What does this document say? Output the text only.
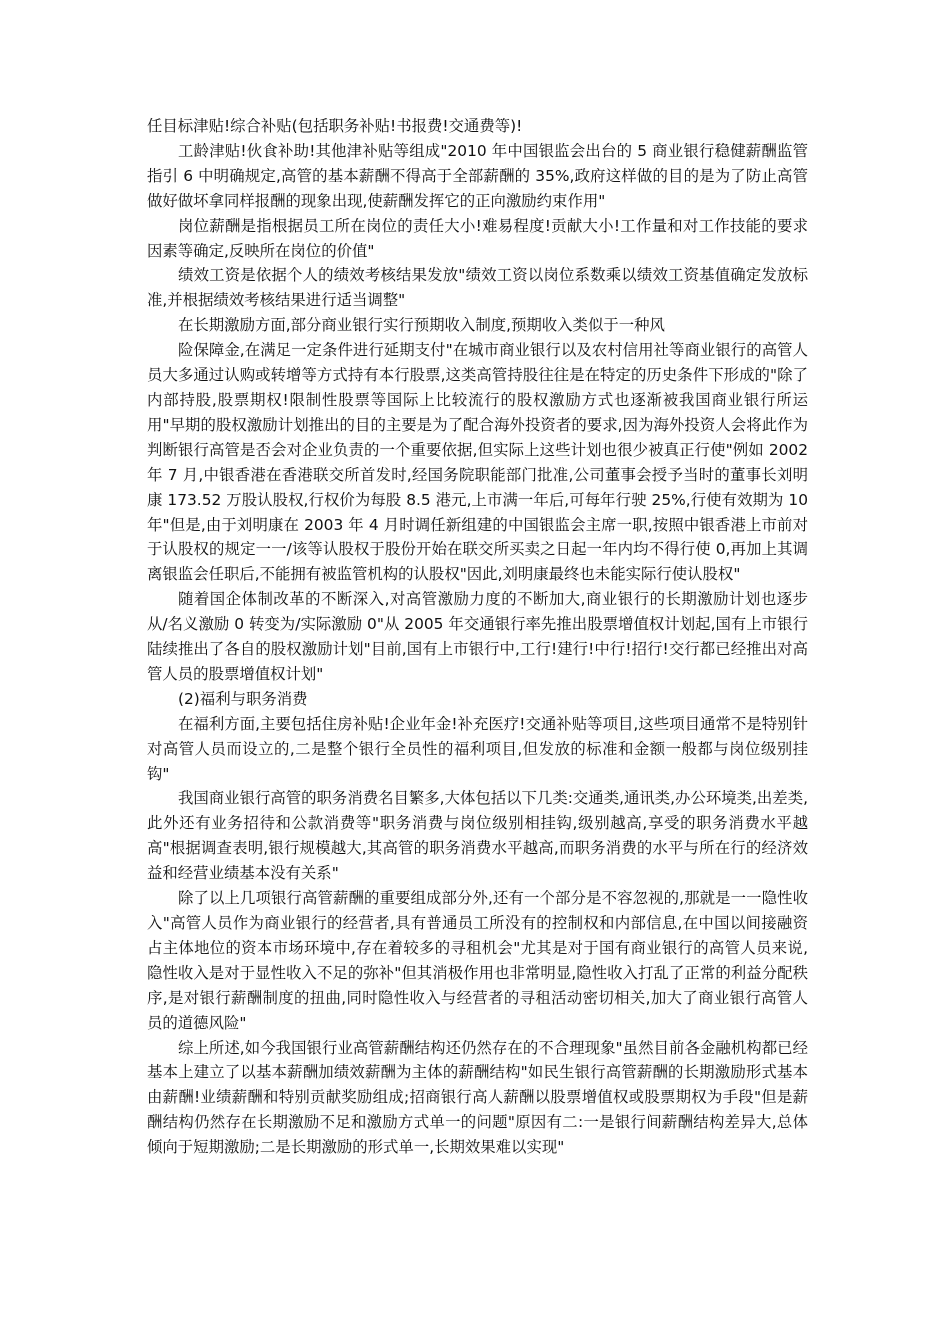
任目标津贴!综合补贴(包括职务补贴!书报费!交通费等)!

工龄津贴!伙食补助!其他津补贴等组成"2010 年中国银监会出台的 5 商业银行稳健薪酬监管指引 6 中明确规定,高管的基本薪酬不得高于全部薪酬的 35%,政府这样做的目的是为了防止高管做好做坏拿同样报酬的现象出现,使薪酬发挥它的正向激励约束作用"

岗位薪酬是指根据员工所在岗位的责任大小!难易程度!贡献大小!工作量和对工作技能的要求因素等确定,反映所在岗位的价值"

绩效工资是依据个人的绩效考核结果发放"绩效工资以岗位系数乘以绩效工资基值确定发放标准,并根据绩效考核结果进行适当调整"

在长期激励方面,部分商业银行实行预期收入制度,预期收入类似于一种风

险保障金,在满足一定条件进行延期支付"在城市商业银行以及农村信用社等商业银行的高管人员大多通过认购或转增等方式持有本行股票,这类高管持股往往是在特定的历史条件下形成的"除了内部持股,股票期权!限制性股票等国际上比较流行的股权激励方式也逐渐被我国商业银行所运用"早期的股权激励计划推出的目的主要是为了配合海外投资者的要求,因为海外投资人会将此作为判断银行高管是否会对企业负责的一个重要依据,但实际上这些计划也很少被真正行使"例如 2002 年 7 月,中银香港在香港联交所首发时,经国务院职能部门批准,公司董事会授予当时的董事长刘明康 173.52 万股认股权,行权价为每股 8.5 港元,上市满一年后,可每年行驶 25%,行使有效期为 10 年"但是,由于刘明康在 2003 年 4 月时调任新组建的中国银监会主席一职,按照中银香港上市前对于认股权的规定一一/该等认股权于股份开始在联交所买卖之日起一年内均不得行使 0,再加上其调离银监会任职后,不能拥有被监管机构的认股权"因此,刘明康最终也未能实际行使认股权"

随着国企体制改革的不断深入,对高管激励力度的不断加大,商业银行的长期激励计划也逐步从/名义激励 0 转变为/实际激励 0"从 2005 年交通银行率先推出股票增值权计划起,国有上市银行陆续推出了各自的股权激励计划"目前,国有上市银行中,工行!建行!中行!招行!交行都已经推出对高管人员的股票增值权计划"

(2)福利与职务消费

在福利方面,主要包括住房补贴!企业年金!补充医疗!交通补贴等项目,这些项目通常不是特别针对高管人员而设立的,二是整个银行全员性的福利项目,但发放的标准和金额一般都与岗位级别挂钩"

我国商业银行高管的职务消费名目繁多,大体包括以下几类:交通类,通讯类,办公环境类,出差类,此外还有业务招待和公款消费等"职务消费与岗位级别相挂钩,级别越高,享受的职务消费水平越高"根据调查表明,银行规模越大,其高管的职务消费水平越高,而职务消费的水平与所在行的经济效益和经营业绩基本没有关系"

除了以上几项银行高管薪酬的重要组成部分外,还有一个部分是不容忽视的,那就是一一隐性收入"高管人员作为商业银行的经营者,具有普通员工所没有的控制权和内部信息,在中国以间接融资占主体地位的资本市场环境中,存在着较多的寻租机会"尤其是对于国有商业银行的高管人员来说,隐性收入是对于显性收入不足的弥补"但其消极作用也非常明显,隐性收入打乱了正常的利益分配秩序,是对银行薪酬制度的扭曲,同时隐性收入与经营者的寻租活动密切相关,加大了商业银行高管人员的道德风险"

综上所述,如今我国银行业高管薪酬结构还仍然存在的不合理现象"虽然目前各金融机构都已经基本上建立了以基本薪酬加绩效薪酬为主体的薪酬结构"如民生银行高管薪酬的长期激励形式基本由薪酬!业绩薪酬和特别贡献奖励组成;招商银行高人薪酬以股票增值权或股票期权为手段"但是薪酬结构仍然存在长期激励不足和激励方式单一的问题"原因有二:一是银行间薪酬结构差异大,总体倾向于短期激励;二是长期激励的形式单一,长期效果难以实现"
